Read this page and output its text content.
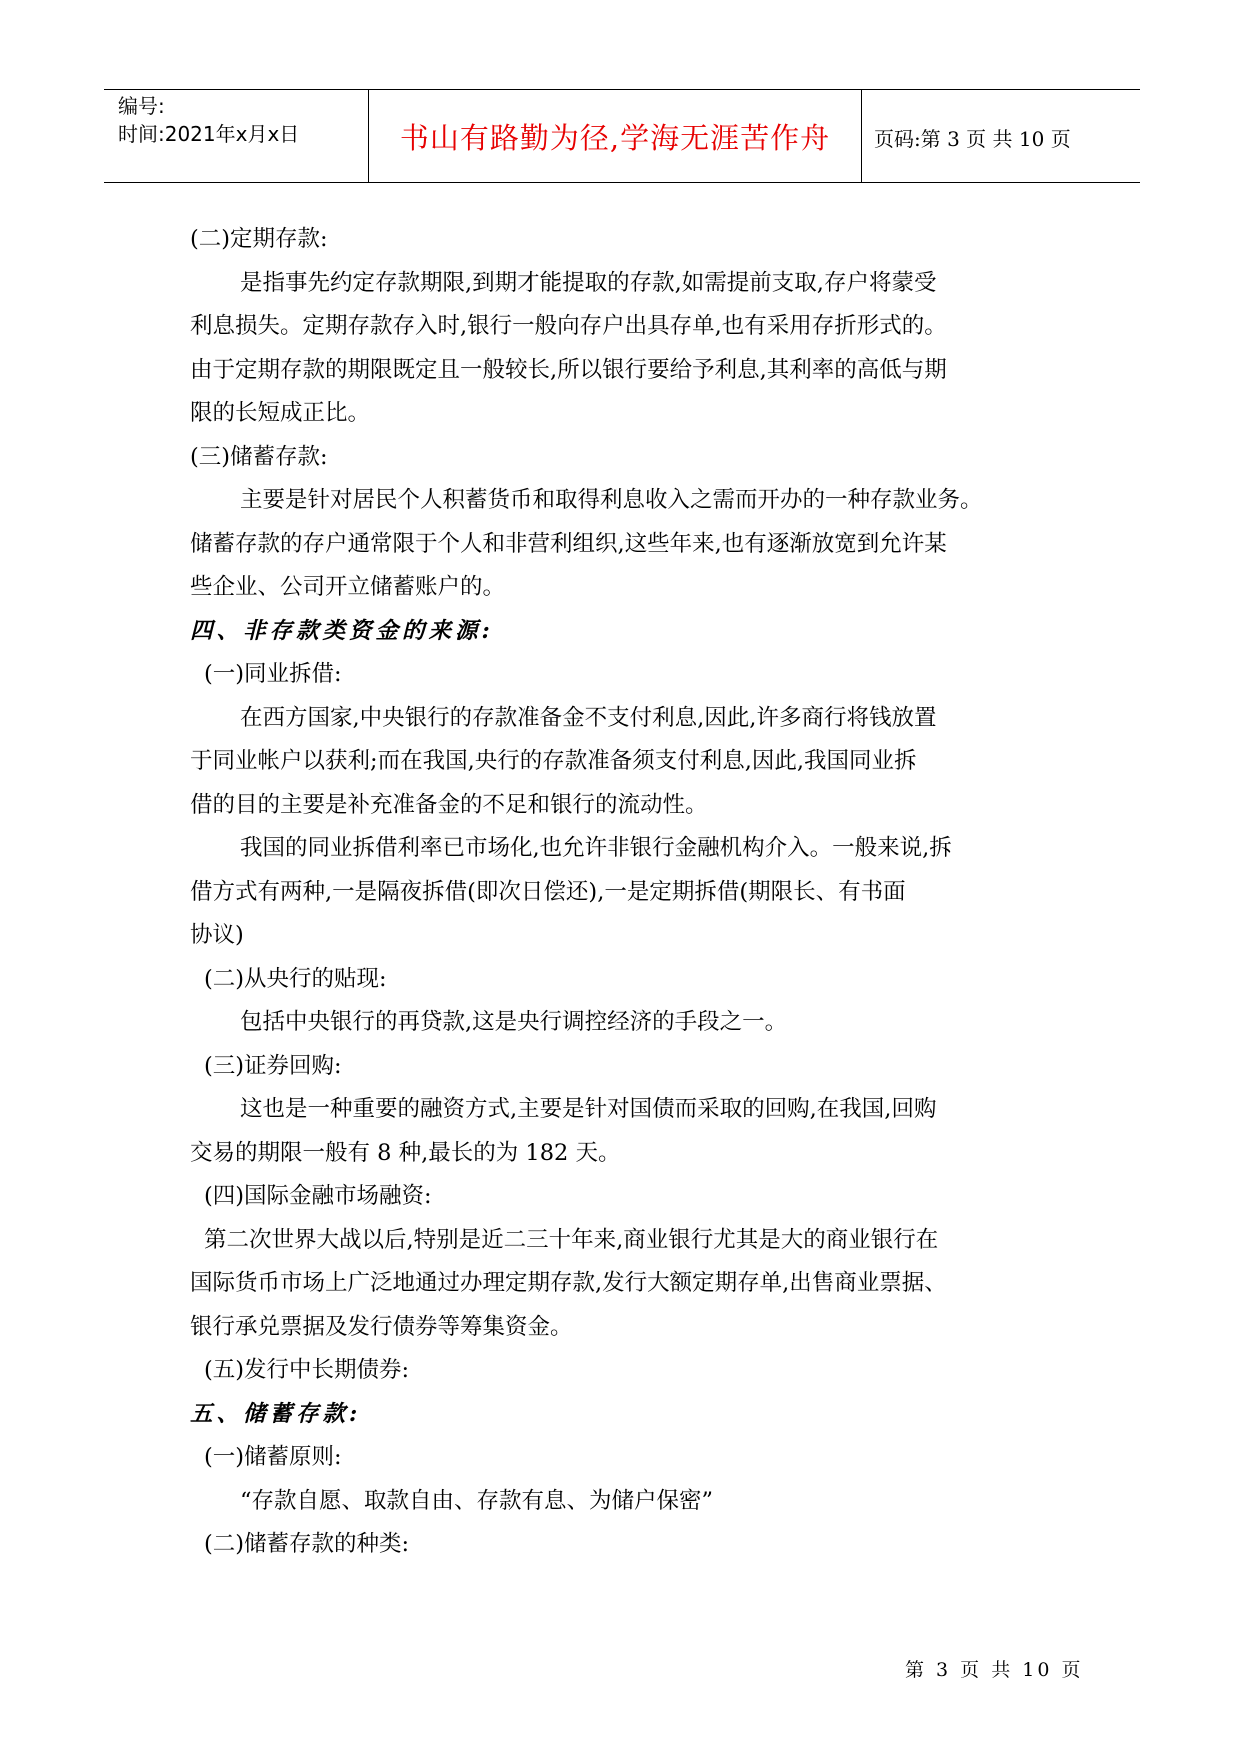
编号:
时间:2021年x月x日	书山有路勤为径,学海无涯苦作舟	页码:第 3 页 共 10 页

(二)定期存款:

是指事先约定存款期限,到期才能提取的存款,如需提前支取,存户将蒙受

利息损失。定期存款存入时,银行一般向存户出具存单,也有采用存折形式的。

由于定期存款的期限既定且一般较长,所以银行要给予利息,其利率的高低与期

限的长短成正比。

(三)储蓄存款:

主要是针对居民个人积蓄货币和取得利息收入之需而开办的一种存款业务。

储蓄存款的存户通常限于个人和非营利组织,这些年来,也有逐渐放宽到允许某

些企业、公司开立储蓄账户的。

四、非存款类资金的来源:

(一)同业拆借:

在西方国家,中央银行的存款准备金不支付利息,因此,许多商行将钱放置

于同业帐户以获利;而在我国,央行的存款准备须支付利息,因此,我国同业拆

借的目的主要是补充准备金的不足和银行的流动性。

我国的同业拆借利率已市场化,也允许非银行金融机构介入。一般来说,拆

借方式有两种,一是隔夜拆借(即次日偿还),一是定期拆借(期限长、有书面

协议)

(二)从央行的贴现:

包括中央银行的再贷款,这是央行调控经济的手段之一。

(三)证券回购:

这也是一种重要的融资方式,主要是针对国债而采取的回购,在我国,回购

交易的期限一般有 8 种,最长的为 182 天。

(四)国际金融市场融资:

第二次世界大战以后,特别是近二三十年来,商业银行尤其是大的商业银行在

国际货币市场上广泛地通过办理定期存款,发行大额定期存单,出售商业票据、

银行承兑票据及发行债券等筹集资金。

(五)发行中长期债券:

五、储蓄存款:

(一)储蓄原则:

“存款自愿、取款自由、存款有息、为储户保密”

(二)储蓄存款的种类:

第 3 页 共 10 页
